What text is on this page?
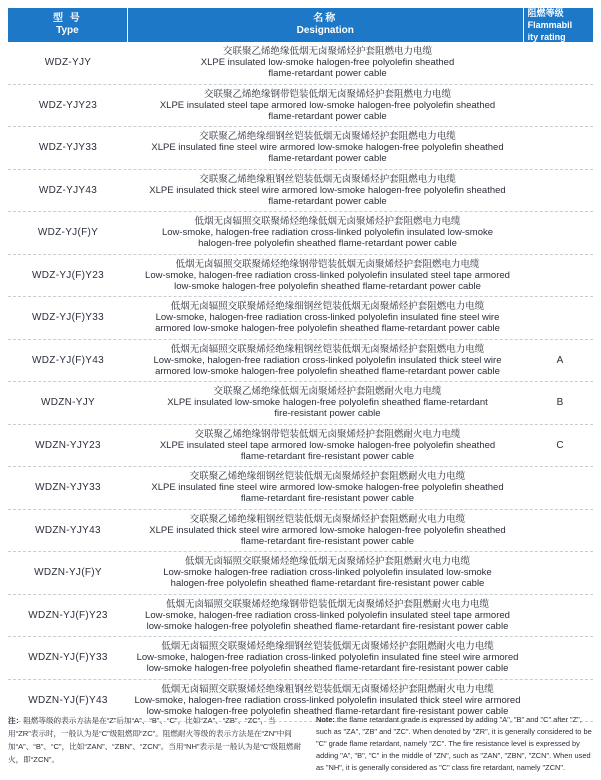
型 号
Type
名称
Designation
阻燃等级
Flammabil
ity rating
WDZ-YJY
交联聚乙烯绝缘低烟无卤聚烯烃护套阻燃电力电缆
XLPE insulated low-smoke halogen-free polyolefin sheathed
flame-retardant power cable
WDZ-YJY23
交联聚乙烯绝缘钢带铠装低烟无卤聚烯烃护套阻燃电力电缆
XLPE insulated steel tape armored low-smoke halogen-free polyolefin sheathed
flame-retardant power cable
WDZ-YJY33
交联聚乙烯绝缘细钢丝铠装低烟无卤聚烯烃护套阻燃电力电缆
XLPE insulated fine steel wire armored low-smoke halogen-free polyolefin sheathed
flame-retardant power cable
WDZ-YJY43
交联聚乙烯绝缘粗钢丝铠装低烟无卤聚烯烃护套阻燃电力电缆
XLPE insulated thick steel wire armored low-smoke halogen-free polyolefin sheathed
flame-retardant power cable
WDZ-YJ(F)Y
低烟无卤辐照交联聚烯烃绝缘低烟无卤聚烯烃护套阻燃电力电缆
Low-smoke, halogen-free radiation cross-linked polyolefin insulated low-smoke
halogen-free polyolefin sheathed flame-retardant power cable
WDZ-YJ(F)Y23
低烟无卤辐照交联聚烯烃绝缘钢带铠装低烟无卤聚烯烃护套阻燃电力电缆
Low-smoke, halogen-free radiation cross-linked polyolefin insulated steel tape armored
low-smoke halogen-free polyolefin sheathed flame-retardant power cable
WDZ-YJ(F)Y33
低烟无卤辐照交联聚烯烃绝缘细钢丝铠装低烟无卤聚烯烃护套阻燃电力电缆
Low-smoke, halogen-free radiation cross-linked polyolefin insulated fine steel wire
armored low-smoke halogen-free polyolefin sheathed flame-retardant power cable
WDZ-YJ(F)Y43
低烟无卤辐照交联聚烯烃绝缘粗钢丝铠装低烟无卤聚烯烃护套阻燃电力电缆
Low-smoke, halogen-free radiation cross-linked polyolefin insulated thick steel wire
armored low-smoke halogen-free polyolefin sheathed flame-retardant power cable
A
WDZN-YJY
交联聚乙烯绝缘低烟无卤聚烯烃护套阻燃耐火电力电缆
XLPE insulated low-smoke halogen-free polyolefin sheathed flame-retardant
fire-resistant power cable
B
WDZN-YJY23
交联聚乙烯绝缘钢带铠装低烟无卤聚烯烃护套阻燃耐火电力电缆
XLPE insulated steel tape armored low-smoke halogen-free polyolefin sheathed
flame-retardant fire-resistant power cable
C
WDZN-YJY33
交联聚乙烯绝缘细钢丝铠装低烟无卤聚烯烃护套阻燃耐火电力电缆
XLPE insulated fine steel wire armored low-smoke halogen-free polyolefin sheathed
flame-retardant fire-resistant power cable
WDZN-YJY43
交联聚乙烯绝缘粗钢丝铠装低烟无卤聚烯烃护套阻燃耐火电力电缆
XLPE insulated thick steel wire armored low-smoke halogen-free polyolefin sheathed
flame-retardant fire-resistant power cable
WDZN-YJ(F)Y
低烟无卤辐照交联聚烯烃绝缘低烟无卤聚烯烃护套阻燃耐火电力电缆
Low-smoke halogen-free radiation cross-linked polyolefin insulated low-smoke
halogen-free polyolefin sheathed flame-retardant fire-resistant power cable
WDZN-YJ(F)Y23
低烟无卤辐照交联聚烯烃绝缘钢带铠装低烟无卤聚烯烃护套阻燃耐火电力电缆
Low-smoke, halogen-free radiation cross-linked polyolefin insulated steel tape armored
low-smoke halogen-free polyolefin sheathed flame-retardant fire-resistant power cable
WDZN-YJ(F)Y33
低烟无卤辐照交联聚烯烃绝缘细钢丝铠装低烟无卤聚烯烃护套阻燃耐火电力电缆
Low-smoke, halogen-free radiation cross-linked polyolefin insulated fine steel wire armored
low-smoke halogen-free polyolefin sheathed flame-retardant fire-resistant power cable
WDZN-YJ(F)Y43
低烟无卤辐照交联聚烯烃绝缘粗钢丝铠装低烟无卤聚烯烃护套阻燃耐火电力电缆
Low-smoke, halogen-free radiation cross-linked polyolefin insulated thick steel wire armored
low-smoke halogen-free polyolefin sheathed flame-retardant fire-resistant power cable
注：阻燃等级的表示方法是在“Z”后加“A”、“B”、“C”，比如“ZA”、“ZB”、“ZC”，当用“ZR”表示时，一般认为是“C”级阻燃即“ZC”。阻燃耐火等级的表示方法是在“ZN”中间加“A”、“B”、“C”，比如“ZAN”、“ZBN”、“ZCN”。当用“NH”表示是一般认为是“C”级阻燃耐火，即“ZCN”。
Note: the flame retardant grade is expressed by adding "A", "B" and "C" after "Z", such as "ZA", "ZB" and "ZC". When denoted by "ZR", it is generally considered to be "C" grade flame retardant, namely "ZC". The fire resistance level is expressed by adding "A", "B", "C" in the middle of "ZN", such as "ZAN", "ZBN", "ZCN". When used as "NH", it is generally considered as "C" class fire retardant, namely "ZCN".
